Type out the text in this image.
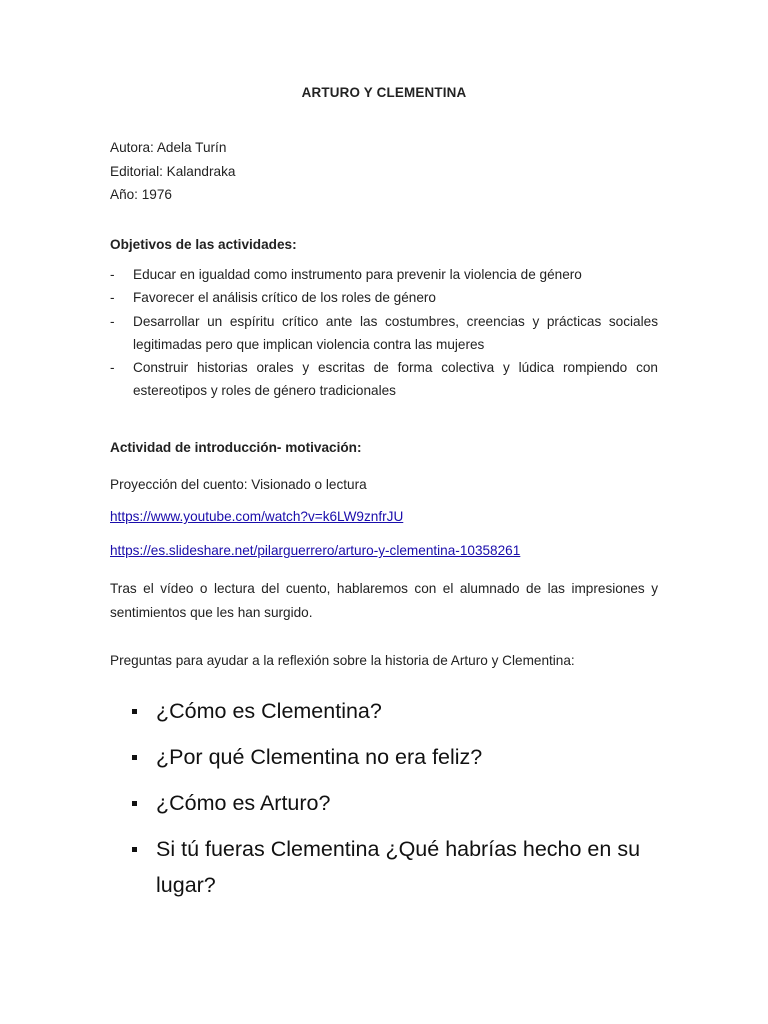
ARTURO Y CLEMENTINA
Autora: Adela Turín
Editorial: Kalandraka
Año: 1976
Objetivos de las actividades:
- Educar en igualdad como instrumento para prevenir la violencia de género
- Favorecer el análisis crítico de los roles de género
- Desarrollar un espíritu crítico ante las costumbres, creencias y prácticas sociales legitimadas pero que implican violencia contra las mujeres
- Construir historias orales y escritas de forma colectiva y lúdica rompiendo con estereotipos y roles de género tradicionales
Actividad de introducción- motivación:
Proyección del cuento: Visionado o lectura
https://www.youtube.com/watch?v=k6LW9znfrJU
https://es.slideshare.net/pilarguerrero/arturo-y-clementina-10358261
Tras el vídeo o lectura del cuento, hablaremos con el alumnado de las impresiones y sentimientos que les han surgido.
Preguntas para ayudar a la reflexión sobre la historia de Arturo y Clementina:
¿Cómo es Clementina?
¿Por qué Clementina no era feliz?
¿Cómo es Arturo?
Si tú fueras Clementina ¿Qué habrías hecho en su lugar?
